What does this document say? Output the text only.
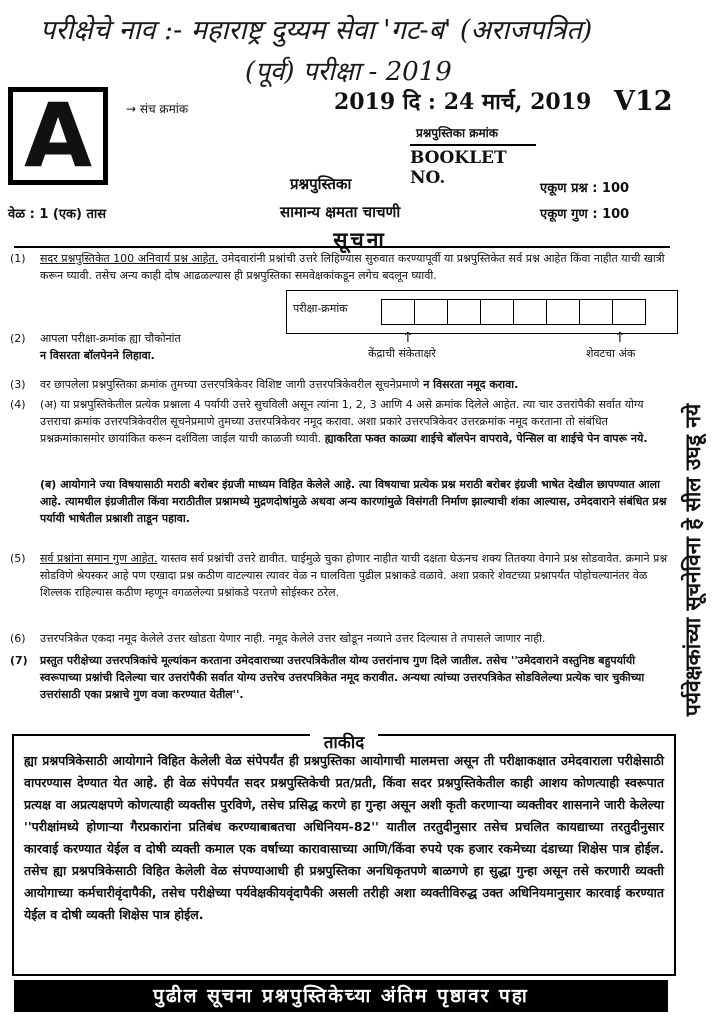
परीक्षेचे नाव :- महाराष्ट्र दुय्यम सेवा 'गट-ब' (अराजपत्रित)
(पूर्व) परीक्षा - 2019
A	→ संच क्रमांक	2019 दि : 24 मार्च, 2019 V12
प्रश्नपुस्तिका क्रमांक
BOOKLET NO.
प्रश्नपुस्तिका	एकूण प्रश्न : 100
वेळ : 1 (एक) तास	सामान्य क्षमता चाचणी	एकूण गुण : 100
सूचना
(1)	सदर प्रश्नपुस्तिकेत 100 अनिवार्य प्रश्न आहेत. उमेदवारांनी प्रश्नांची उत्तरे लिहिण्यास सुरुवात करण्यापूर्वी या प्रश्नपुस्तिकेत सर्व प्रश्न आहेत किंवा नाहीत याची खात्री करून घ्यावी. तसेच अन्य काही दोष आढळल्यास ही प्रश्नपुस्तिका समवेक्षकांकडून लगेच बदलून घ्यावी.
परीक्षा-क्रमांक
↑
केंद्राची संकेताक्षरे
↑
शेवटचा अंक
(2)	आपला परीक्षा-क्रमांक ह्या चौकोनांत
न विसरता बॉलपेनने लिहावा.
(3)	वर छापलेला प्रश्नपुस्तिका क्रमांक तुमच्या उत्तरपत्रिकेवर विशिष्ट जागी उत्तरपत्रिकेवरील सूचनेप्रमाणे न विसरता नमूद करावा.
(4)	(अ) या प्रश्नपुस्तिकेतील प्रत्येक प्रश्नाला 4 पर्यायी उत्तरे सुचविली असून त्यांना 1, 2, 3 आणि 4 असे क्रमांक दिलेले आहेत. त्या चार उत्तरांपैकी सर्वात योग्य उत्तराचा क्रमांक उत्तरपत्रिकेवरील सूचनेप्रमाणे तुमच्या उत्तरपत्रिकेवर नमूद करावा. अशा प्रकारे उत्तरपत्रिकेवर उत्तरक्रमांक नमूद करताना तो संबंधित प्रश्नक्रमांकासमोर छायांकित करून दर्शविला जाईल याची काळजी घ्यावी. ह्याकरिता फक्त काळ्या शाईचे बॉलपेन वापरावे, पेन्सिल वा शाईचे पेन वापरू नये.
(ब) आयोगाने ज्या विषयासाठी मराठी बरोबर इंग्रजी माध्यम विहित केलेले आहे. त्या विषयाचा प्रत्येक प्रश्न मराठी बरोबर इंग्रजी भाषेत देखील छापण्यात आला आहे. त्यामधील इंग्रजीतील किंवा मराठीतील प्रश्नामध्ये मुद्रणदोषांमुळे अथवा अन्य कारणांमुळे विसंगती निर्माण झाल्याची शंका आल्यास, उमेदवाराने संबंधित प्रश्न पर्यायी भाषेतील प्रश्नाशी ताडून पहावा.
(5)	सर्व प्रश्नांना समान गुण आहेत. यास्तव सर्व प्रश्नांची उत्तरे द्यावीत. घाईमुळे चुका होणार नाहीत याची दक्षता घेऊनच शक्य तितक्या वेगाने प्रश्न सोडवावेत. क्रमाने प्रश्न सोडविणे श्रेयस्कर आहे पण एखादा प्रश्न कठीण वाटल्यास त्यावर वेळ न घालविता पुढील प्रश्नाकडे वळावे. अशा प्रकारे शेवटच्या प्रश्नापर्यंत पोहोचल्यानंतर वेळ शिल्लक राहिल्यास कठीण म्हणून वगळलेल्या प्रश्नांकडे परतणे सोईस्कर ठरेल.
(6)	उत्तरपत्रिकेत एकदा नमूद केलेले उत्तर खोडता येणार नाही. नमूद केलेले उत्तर खोडून नव्याने उत्तर दिल्यास ते तपासले जाणार नाही.
(7)	प्रस्तुत परीक्षेच्या उत्तरपत्रिकांचे मूल्यांकन करताना उमेदवाराच्या उत्तरपत्रिकेतील योग्य उत्तरांनाच गुण दिले जातील. तसेच ''उमेदवाराने वस्तुनिष्ठ बहुपर्यायी स्वरूपाच्या प्रश्नांची दिलेल्या चार उत्तरांपैकी सर्वात योग्य उत्तरेच उत्तरपत्रिकेत नमूद करावीत. अन्यथा त्यांच्या उत्तरपत्रिकेत सोडविलेल्या प्रत्येक चार चुकीच्या उत्तरांसाठी एका प्रश्नाचे गुण वजा करण्यात येतील''.	पर्यवेक्षकांच्या सूचनेविना हे सील उघडू नये
ताकीद
ह्या प्रश्नपत्रिकेसाठी आयोगाने विहित केलेली वेळ संपेपर्यंत ही प्रश्नपुस्तिका आयोगाची मालमत्ता असून ती परीक्षाकक्षात उमेदवाराला परीक्षेसाठी वापरण्यास देण्यात येत आहे. ही वेळ संपेपर्यंत सदर प्रश्नपुस्तिकेची प्रत/प्रती, किंवा सदर प्रश्नपुस्तिकेतील काही आशय कोणत्याही स्वरूपात प्रत्यक्ष वा अप्रत्यक्षपणे कोणत्याही व्यक्तीस पुरविणे, तसेच प्रसिद्ध करणे हा गुन्हा असून अशी कृती करणाऱ्या व्यक्तीवर शासनाने जारी केलेल्या ''परीक्षांमध्ये होणाऱ्या गैरप्रकारांना प्रतिबंध करण्याबाबतचा अधिनियम-82'' यातील तरतुदीनुसार तसेच प्रचलित कायद्याच्या तरतुदीनुसार कारवाई करण्यात येईल व दोषी व्यक्ती कमाल एक वर्षाच्या कारावासाच्या आणि/किंवा रुपये एक हजार रकमेच्या दंडाच्या शिक्षेस पात्र होईल. तसेच ह्या प्रश्नपत्रिकेसाठी विहित केलेली वेळ संपण्याआधी ही प्रश्नपुस्तिका अनधिकृतपणे बाळगणे हा सुद्धा गुन्हा असून तसे करणारी व्यक्ती आयोगाच्या कर्मचारीवृंदापैकी, तसेच परीक्षेच्या पर्यवेक्षकीयवृंदापैकी असली तरीही अशा व्यक्तीविरुद्ध उक्त अधिनियमानुसार कारवाई करण्यात येईल व दोषी व्यक्ती शिक्षेस पात्र होईल.
पुढील सूचना प्रश्नपुस्तिकेच्या अंतिम पृष्ठावर पहा
